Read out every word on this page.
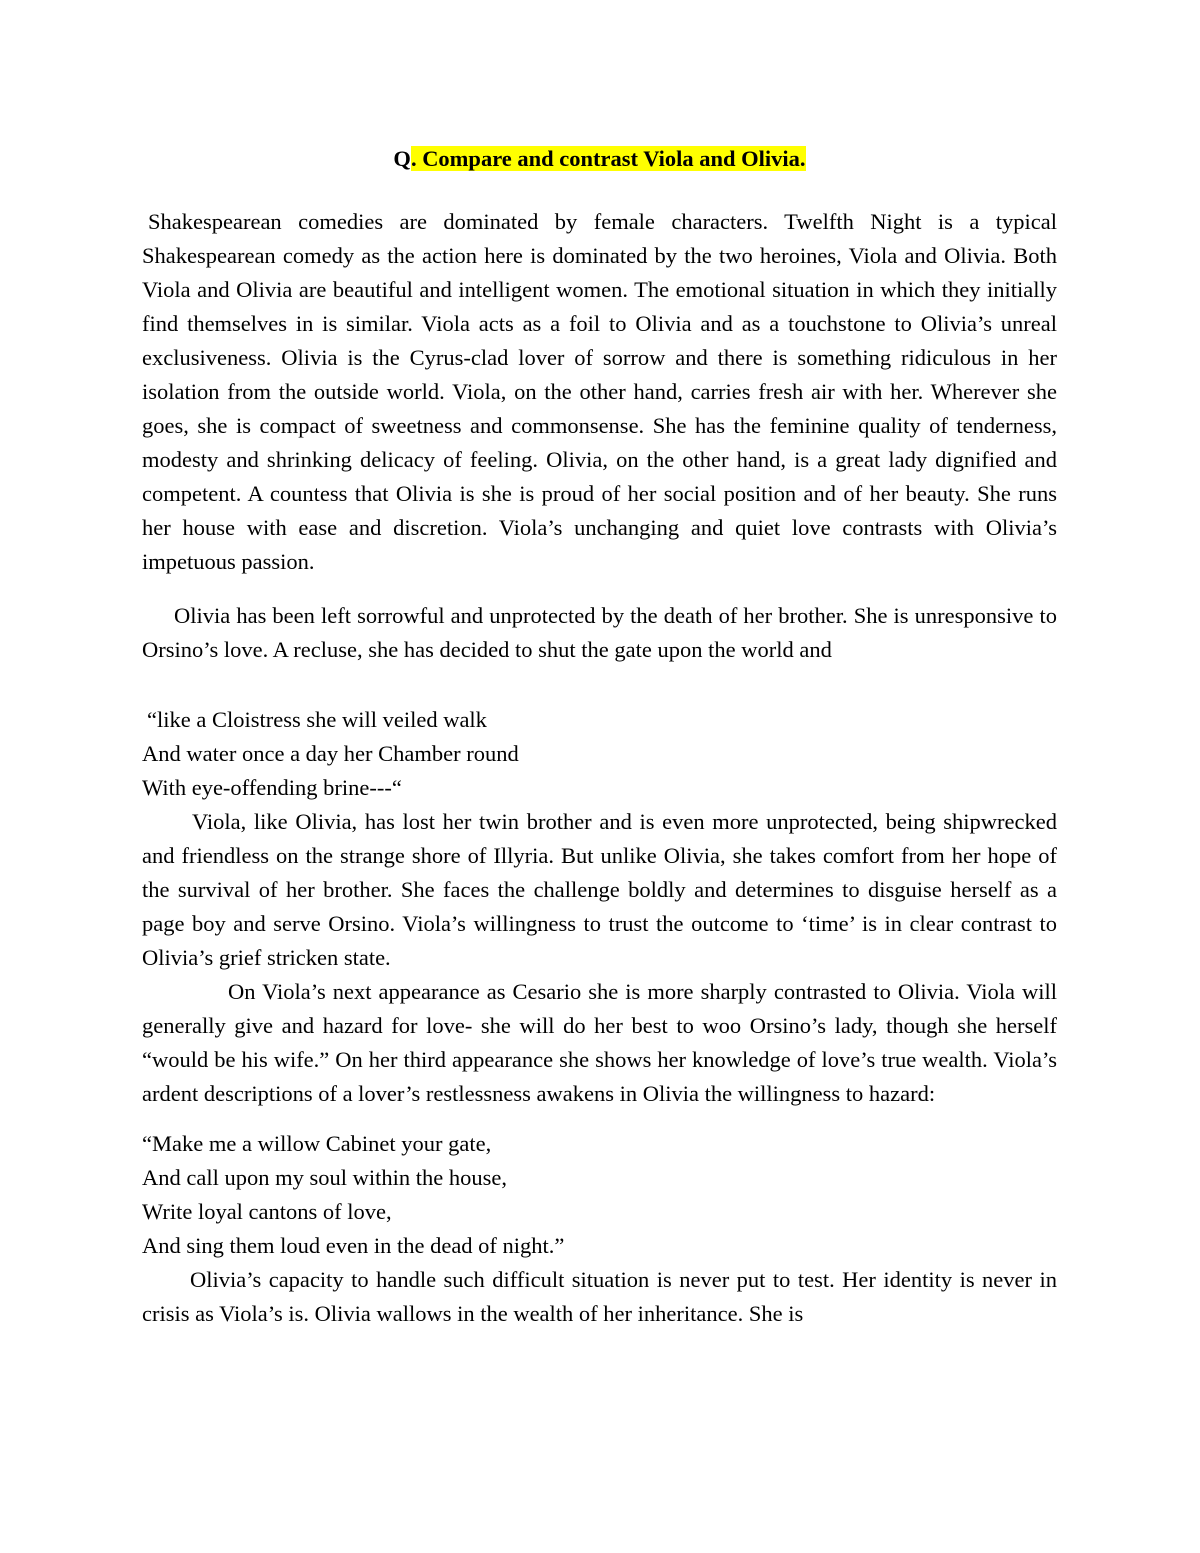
Q. Compare and contrast Viola and Olivia.

Shakespearean comedies are dominated by female characters. Twelfth Night is a typical Shakespearean comedy as the action here is dominated by the two heroines, Viola and Olivia. Both Viola and Olivia are beautiful and intelligent women. The emotional situation in which they initially find themselves in is similar. Viola acts as a foil to Olivia and as a touchstone to Olivia’s unreal exclusiveness. Olivia is the Cyrus-clad lover of sorrow and there is something ridiculous in her isolation from the outside world. Viola, on the other hand, carries fresh air with her. Wherever she goes, she is compact of sweetness and commonsense. She has the feminine quality of tenderness, modesty and shrinking delicacy of feeling. Olivia, on the other hand, is a great lady dignified and competent. A countess that Olivia is she is proud of her social position and of her beauty. She runs her house with ease and discretion. Viola’s unchanging and quiet love contrasts with Olivia’s impetuous passion.

Olivia has been left sorrowful and unprotected by the death of her brother. She is unresponsive to Orsino’s love. A recluse, she has decided to shut the gate upon the world and

“like a Cloistress she will veiled walk
And water once a day her Chamber round
With eye-offending brine---“

Viola, like Olivia, has lost her twin brother and is even more unprotected, being shipwrecked and friendless on the strange shore of Illyria. But unlike Olivia, she takes comfort from her hope of the survival of her brother. She faces the challenge boldly and determines to disguise herself as a page boy and serve Orsino. Viola’s willingness to trust the outcome to ‘time’ is in clear contrast to Olivia’s grief stricken state.

On Viola’s next appearance as Cesario she is more sharply contrasted to Olivia. Viola will generally give and hazard for love- she will do her best to woo Orsino’s lady, though she herself “would be his wife.” On her third appearance she shows her knowledge of love’s true wealth. Viola’s ardent descriptions of a lover’s restlessness awakens in Olivia the willingness to hazard:

“Make me a willow Cabinet your gate,
And call upon my soul within the house,
Write loyal cantons of love,
And sing them loud even in the dead of night.”

Olivia’s capacity to handle such difficult situation is never put to test. Her identity is never in crisis as Viola’s is. Olivia wallows in the wealth of her inheritance. She is
